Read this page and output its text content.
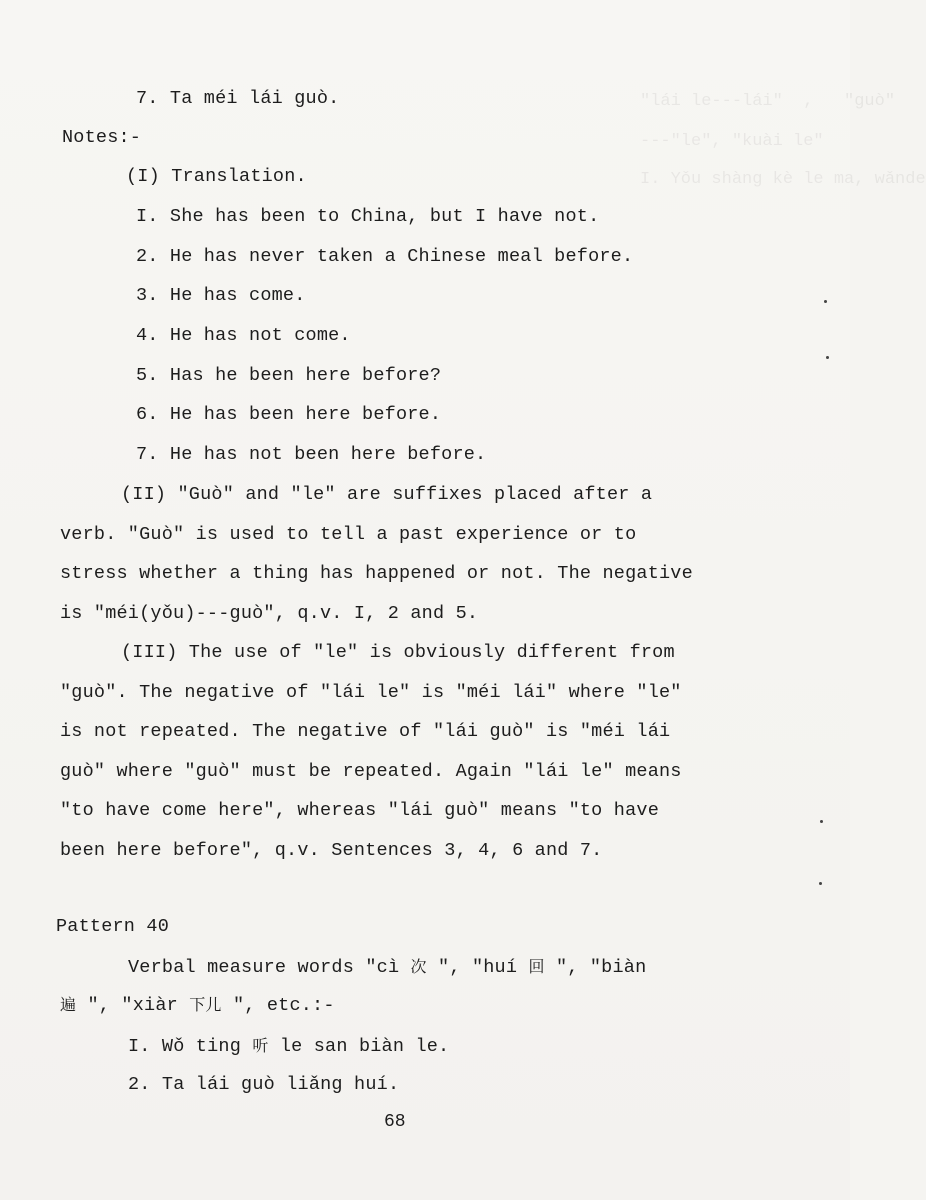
"lái le---lái"  ,   "guò"
---"le", "kuài le"
I. Yǒu shàng kè le ma, wǎnde
7. Ta méi lái guò.
Notes:-
(I) Translation.
I. She has been to China, but I have not.
2. He has never taken a Chinese meal before.
3. He has come.
4. He has not come.
5. Has he been here before?
6. He has been here before.
7. He has not been here before.
(II) "Guò" and "le" are suffixes placed after a
verb. "Guò" is used to tell a past experience or to
stress whether a thing has happened or not. The negative
is "méi(yǒu)---guò", q.v. I, 2 and 5.
(III) The use of "le" is obviously different from
"guò". The negative of "lái le" is "méi lái" where "le"
is not repeated. The negative of "lái guò" is "méi lái
guò" where "guò" must be repeated. Again "lái le" means
"to have come here", whereas "lái guò" means "to have
been here before", q.v. Sentences 3, 4, 6 and 7.
Pattern 40
Verbal measure words "cì 次 ", "huí 回 ", "biàn
遍 ", "xiàr 下儿 ", etc.:-
I. Wǒ ting 听 le san biàn le.
2. Ta lái guò liǎng huí.
68
